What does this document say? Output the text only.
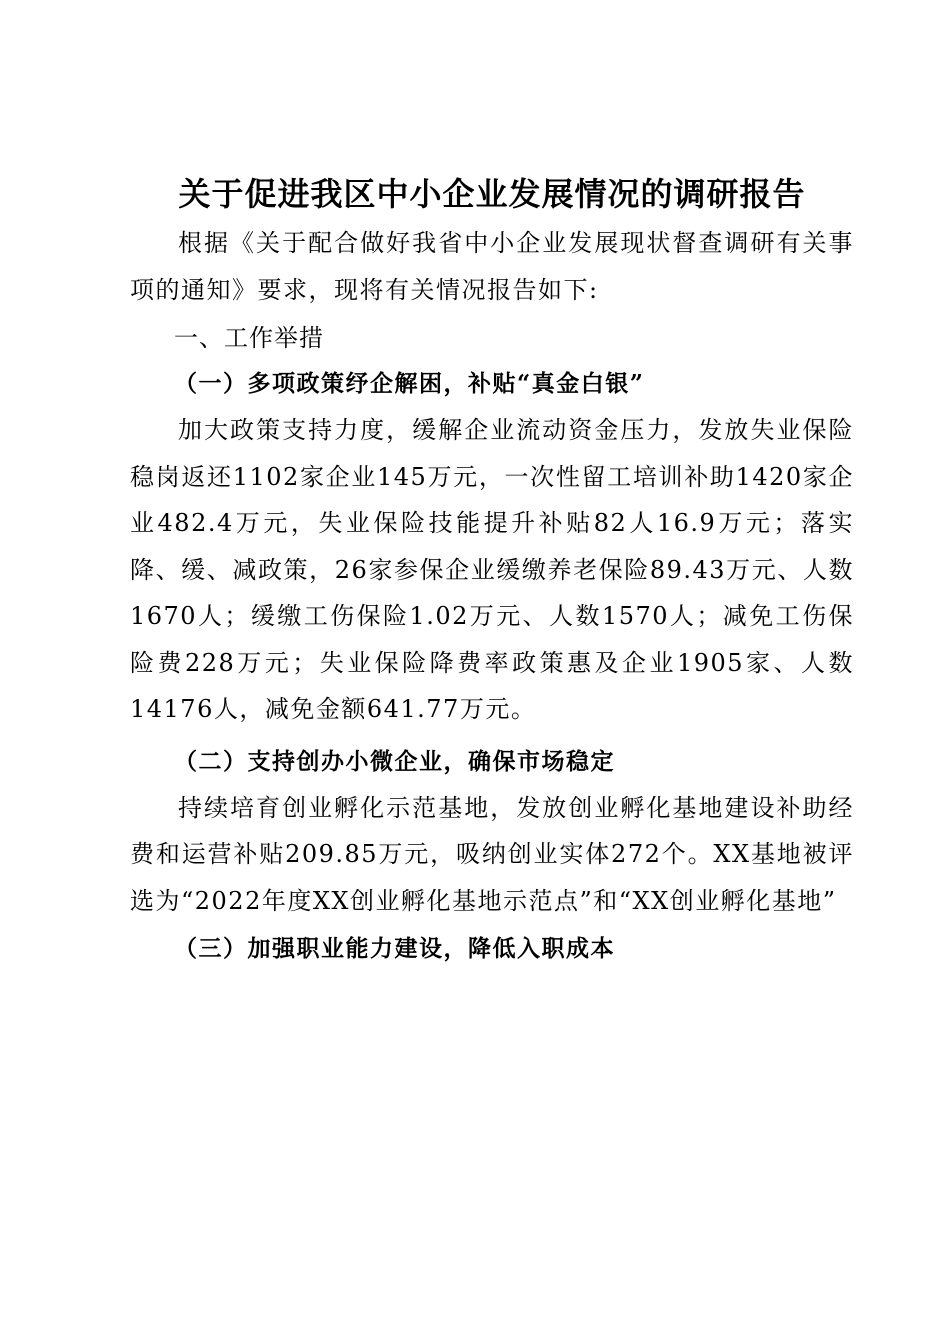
关于促进我区中小企业发展情况的调研报告

根据《关于配合做好我省中小企业发展现状督查调研有关事项的通知》要求，现将有关情况报告如下:

一、工作举措

（一）多项政策纾企解困，补贴“真金白银”

加大政策支持力度，缓解企业流动资金压力，发放失业保险稳岗返还1102家企业145万元，一次性留工培训补助1420家企业482.4万元，失业保险技能提升补贴82人16.9万元；落实降、缓、减政策，26家参保企业缓缴养老保险89.43万元、人数1670人；缓缴工伤保险1.02万元、人数1570人；减免工伤保险费228万元；失业保险降费率政策惠及企业1905家、人数14176人，减免金额641.77万元。

（二）支持创办小微企业，确保市场稳定

持续培育创业孵化示范基地，发放创业孵化基地建设补助经费和运营补贴209.85万元，吸纳创业实体272个。XX基地被评选为“2022年度XX创业孵化基地示范点”和“XX创业孵化基地”

（三）加强职业能力建设，降低入职成本
